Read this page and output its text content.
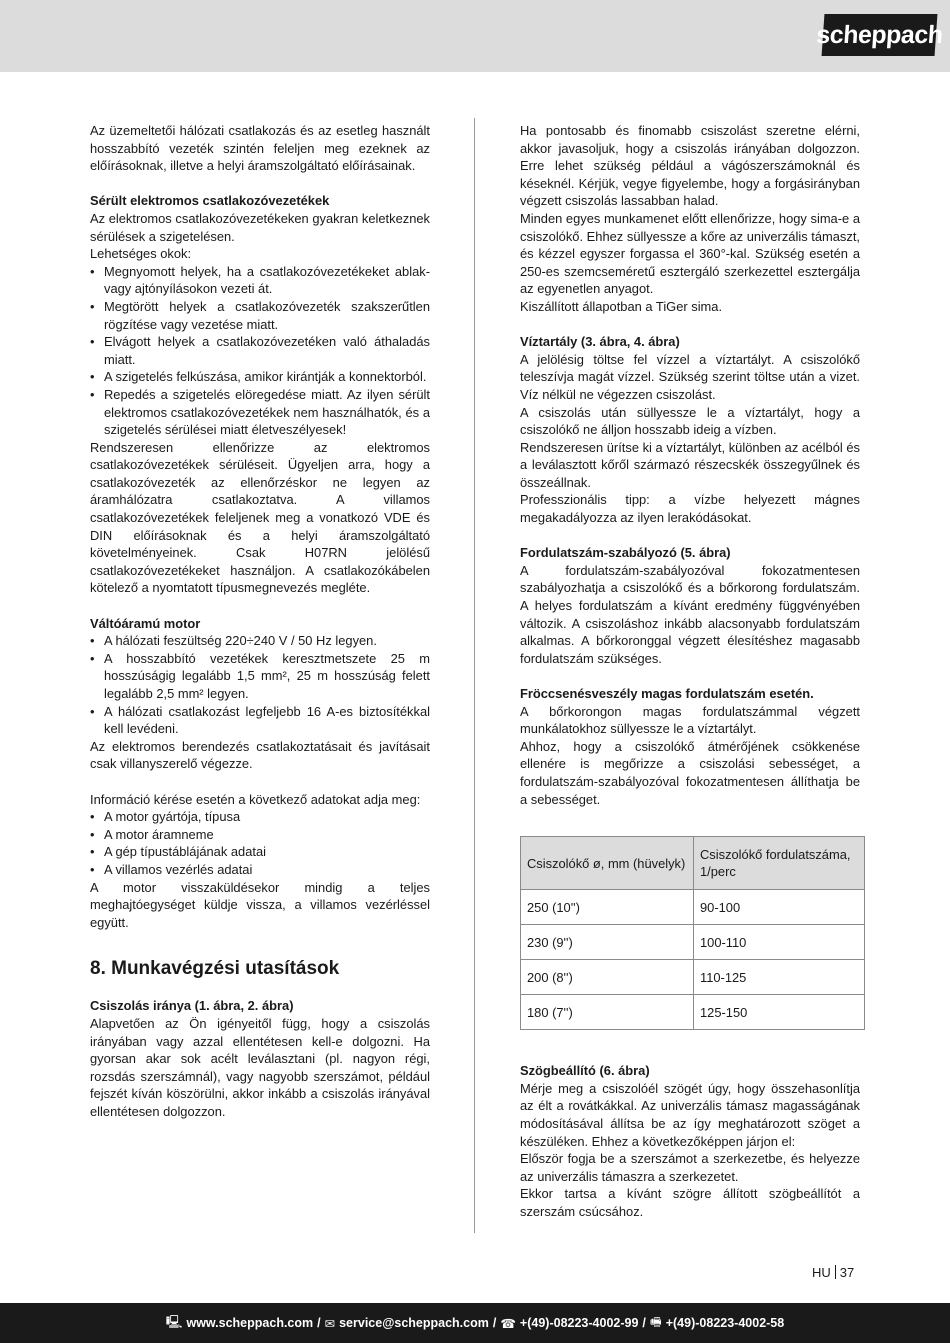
scheppach

Az üzemeltetői hálózati csatlakozás és az esetleg használt hosszabbító vezeték szintén feleljen meg ezeknek az előírásoknak, illetve a helyi áramszolgáltató előírásainak.

Sérült elektromos csatlakozóvezetékek

Az elektromos csatlakozóvezetékeken gyakran keletkeznek sérülések a szigetelésen.

Lehetséges okok:

• Megnyomott helyek, ha a csatlakozóvezetékeket ablak- vagy ajtónyílásokon vezeti át.
• Megtörött helyek a csatlakozóvezeték szakszerűtlen rögzítése vagy vezetése miatt.
• Elvágott helyek a csatlakozóvezetéken való áthaladás miatt.
• A szigetelés felkúszása, amikor kirántják a konnektorból.
• Repedés a szigetelés elöregedése miatt. Az ilyen sérült elektromos csatlakozóvezetékek nem használhatók, és a szigetelés sérülései miatt életveszélyesek!

Rendszeresen ellenőrizze az elektromos csatlakozóvezetékek sérüléseit. Ügyeljen arra, hogy a csatlakozóvezeték az ellenőrzéskor ne legyen az áramhálózatra csatlakoztatva. A villamos csatlakozóvezetékek feleljenek meg a vonatkozó VDE és DIN előírásoknak és a helyi áramszolgáltató követelményeinek. Csak H07RN jelölésű csatlakozóvezetékeket használjon. A csatlakozókábelen kötelező a nyomtatott típusmegnevezés megléte.

Váltóáramú motor

• A hálózati feszültség 220÷240 V / 50 Hz legyen.
• A hosszabbító vezetékek keresztmetszete 25 m hosszúságig legalább 1,5 mm², 25 m hosszúság felett legalább 2,5 mm² legyen.
• A hálózati csatlakozást legfeljebb 16 A-es biztosítékkal kell levédeni.

Az elektromos berendezés csatlakoztatásait és javításait csak villanyszerelő végezze.

Információ kérése esetén a következő adatokat adja meg:

• A motor gyártója, típusa
• A motor áramneme
• A gép típustáblájának adatai
• A villamos vezérlés adatai

A motor visszaküldésekor mindig a teljes meghajtóegységet küldje vissza, a villamos vezérléssel együtt.

8. Munkavégzési utasítások

Csiszolás iránya (1. ábra, 2. ábra)

Alapvetően az Ön igényeitől függ, hogy a csiszolás irányában vagy azzal ellentétesen kell-e dolgozni. Ha gyorsan akar sok acélt leválasztani (pl. nagyon régi, rozsdás szerszámnál), vagy nagyobb szerszámot, például fejszét kíván köszörülni, akkor inkább a csiszolás irányával ellentétesen dolgozzon.

Ha pontosabb és finomabb csiszolást szeretne elérni, akkor javasoljuk, hogy a csiszolás irányában dolgozzon. Erre lehet szükség például a vágószerszámoknál és késeknél. Kérjük, vegye figyelembe, hogy a forgásirányban végzett csiszolás lassabban halad.

Minden egyes munkamenet előtt ellenőrizze, hogy sima-e a csiszolókő. Ehhez süllyessze a kőre az univerzális támaszt, és kézzel egyszer forgassa el 360°-kal. Szükség esetén a 250-es szemcseméretű esztergáló szerkezettel esztergálja az egyenetlen anyagot.

Kiszállított állapotban a TiGer sima.

Víztartály (3. ábra, 4. ábra)

A jelölésig töltse fel vízzel a víztartályt. A csiszolókő teleszívja magát vízzel. Szükség szerint töltse után a vizet. Víz nélkül ne végezzen csiszolást.

A csiszolás után süllyessze le a víztartályt, hogy a csiszolókő ne álljon hosszabb ideig a vízben.

Rendszeresen ürítse ki a víztartályt, különben az acélból és a leválasztott kőről származó részecskék összegyűlnek és összeállnak.

Professzionális tipp: a vízbe helyezett mágnes megakadályozza az ilyen lerakódásokat.

Fordulatszám-szabályozó (5. ábra)

A fordulatszám-szabályozóval fokozatmentesen szabályozhatja a csiszolókő és a bőrkorong fordulatszám. A helyes fordulatszám a kívánt eredmény függvényében változik. A csiszoláshoz inkább alacsonyabb fordulatszám alkalmas. A bőrkoronggal végzett élesítéshez magasabb fordulatszám szükséges.

Fröccsenésveszély magas fordulatszám esetén.

A bőrkorongon magas fordulatszámmal végzett munkálatokhoz süllyessze le a víztartályt.

Ahhoz, hogy a csiszolókő átmérőjének csökkenése ellenére is megőrizze a csiszolási sebességet, a fordulatszám-szabályozóval fokozatmentesen állíthatja be a sebességet.

Csiszolókő ø, mm (hüvelyk)	Csiszolókő fordulatszáma, 1/perc
250 (10'')	90-100
230 (9'')	100-110
200 (8'')	110-125
180 (7'')	125-150

Szögbeállító (6. ábra)

Mérje meg a csiszolóél szögét úgy, hogy összehasonlítja az élt a rovátkákkal. Az univerzális támasz magasságának módosításával állítsa be az így meghatározott szöget a készüléken. Ehhez a következőképpen járjon el:

Először fogja be a szerszámot a szerkezetbe, és helyezze az univerzális támaszra a szerkezetet.

Ekkor tartsa a kívánt szögre állított szögbeállítót a szerszám csúcsához.

HU 37
🖳 www.scheppach.com / ✉ service@scheppach.com / ☎ +(49)-08223-4002-99 / 🖷 +(49)-08223-4002-58
